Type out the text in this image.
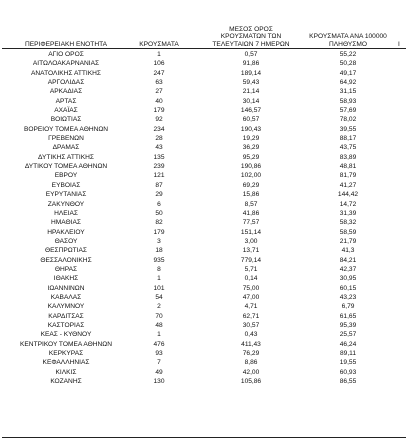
ΠΕΡΙΦΕΡΕΙΑΚΗ ΕΝΟΤΗΤΑ	ΚΡΟΥΣΜΑΤΑ
ΜΕΣΟΣ ΟΡΟΣ
ΚΡΟΥΣΜΑΤΩΝ ΤΩΝ
ΤΕΛΕΥΤΑΙΩΝ 7 ΗΜΕΡΩΝ
ΚΡΟΥΣΜΑΤΑ ΑΝΑ 100000
ΠΛΗΘΥΣΜΟ	Ι
ΑΓΙΟ ΟΡΟΣ	1	0,57	55,22
ΑΙΤΩΛΟΑΚΑΡΝΑΝΙΑΣ	106	91,86	50,28
ΑΝΑΤΟΛΙΚΗΣ ΑΤΤΙΚΗΣ	247	189,14	49,17
ΑΡΓΟΛΙΔΑΣ	63	59,43	64,92
ΑΡΚΑΔΙΑΣ	27	21,14	31,15
ΑΡΤΑΣ	40	30,14	58,93
ΑΧΑΪΑΣ	179	146,57	57,69
ΒΟΙΩΤΙΑΣ	92	60,57	78,02
ΒΟΡΕΙΟΥ ΤΟΜΕΑ ΑΘΗΝΩΝ	234	190,43	39,55
ΓΡΕΒΕΝΩΝ	28	19,29	88,17
ΔΡΑΜΑΣ	43	36,29	43,75
ΔΥΤΙΚΗΣ ΑΤΤΙΚΗΣ	135	95,29	83,89
ΔΥΤΙΚΟΥ ΤΟΜΕΑ ΑΘΗΝΩΝ	239	190,86	48,81
ΕΒΡΟΥ	121	102,00	81,79
ΕΥΒΟΙΑΣ	87	69,29	41,27
ΕΥΡΥΤΑΝΙΑΣ	29	15,86	144,42
ΖΑΚΥΝΘΟΥ	6	8,57	14,72
ΗΛΕΙΑΣ	50	41,86	31,39
ΗΜΑΘΙΑΣ	82	77,57	58,32
ΗΡΑΚΛΕΙΟΥ	179	151,14	58,59
ΘΑΣΟΥ	3	3,00	21,79
ΘΕΣΠΡΩΤΙΑΣ	18	13,71	41,3
ΘΕΣΣΑΛΟΝΙΚΗΣ	935	779,14	84,21
ΘΗΡΑΣ	8	5,71	42,37
ΙΘΑΚΗΣ	1	0,14	30,95
ΙΩΑΝΝΙΝΩΝ	101	75,00	60,15
ΚΑΒΑΛΑΣ	54	47,00	43,23
ΚΑΛΥΜΝΟΥ	2	4,71	6,79
ΚΑΡΔΙΤΣΑΣ	70	62,71	61,65
ΚΑΣΤΟΡΙΑΣ	48	30,57	95,39
ΚΕΑΣ - ΚΥΘΝΟΥ	1	0,43	25,57
ΚΕΝΤΡΙΚΟΥ ΤΟΜΕΑ ΑΘΗΝΩΝ	476	411,43	46,24
ΚΕΡΚΥΡΑΣ	93	76,29	89,11
ΚΕΦΑΛΛΗΝΙΑΣ	7	8,86	19,55
ΚΙΛΚΙΣ	49	42,00	60,93
ΚΟΖΑΝΗΣ	130	105,86	86,55
